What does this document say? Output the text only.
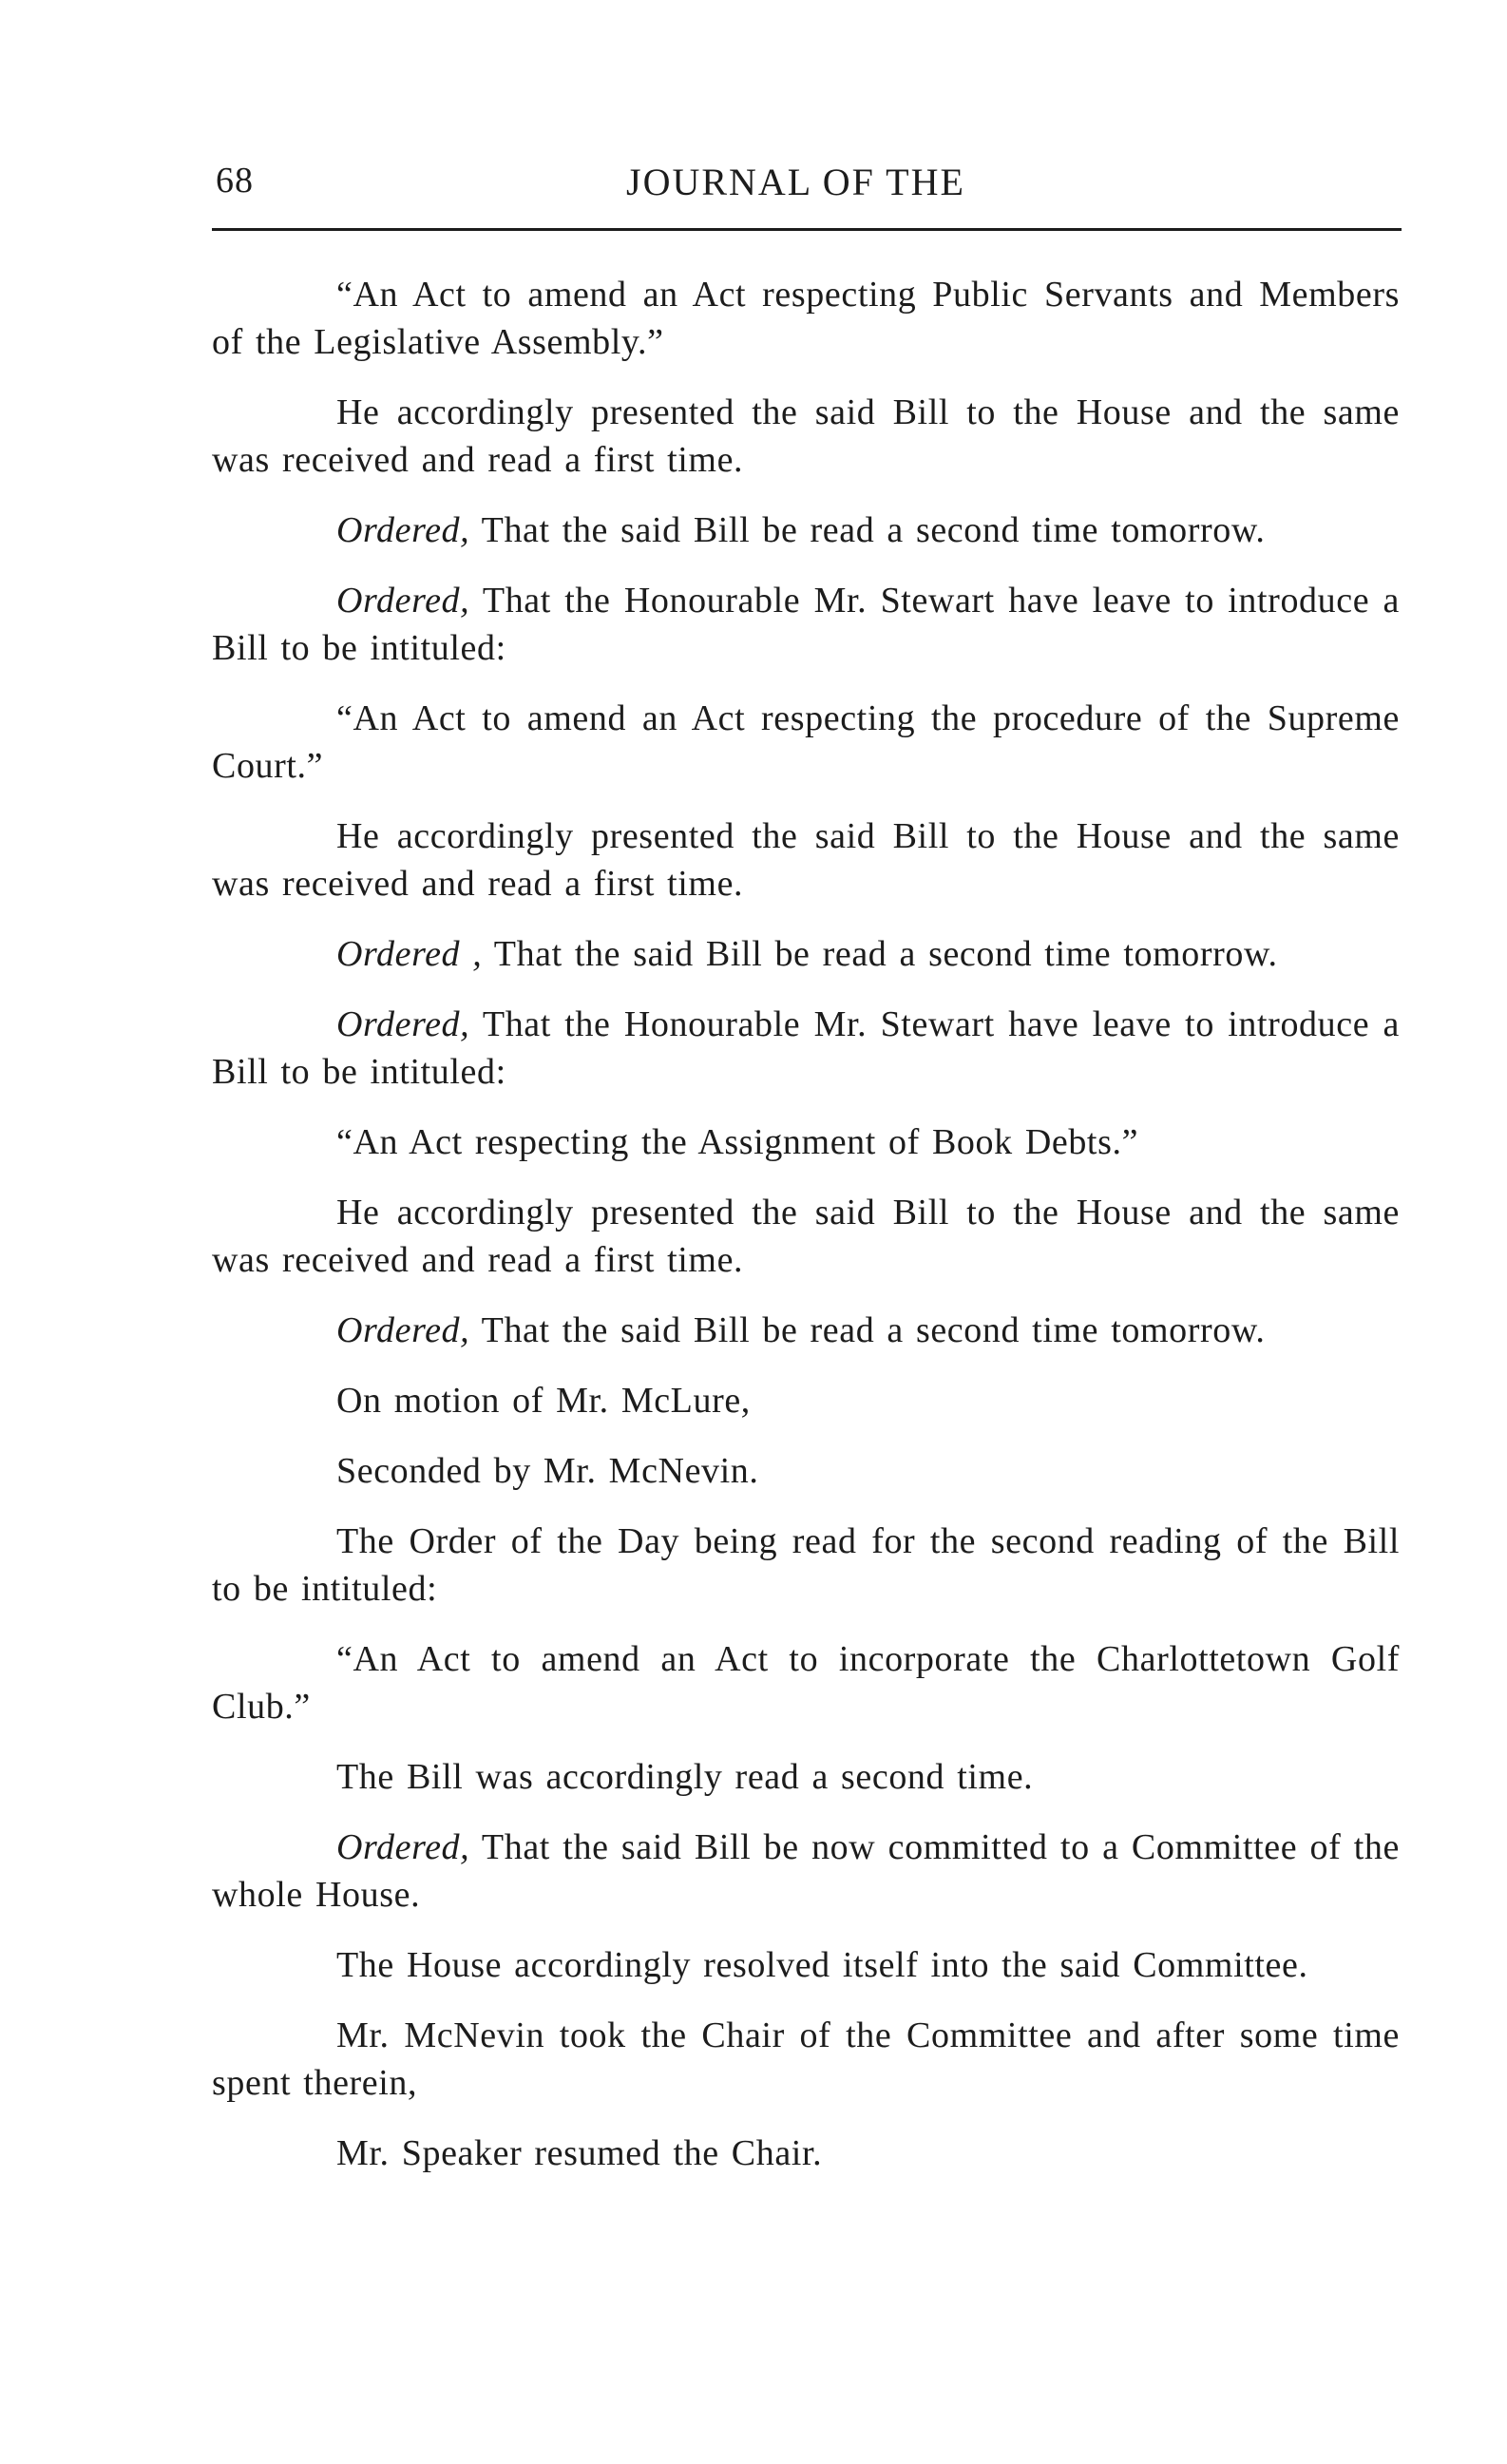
68	JOURNAL OF THE

“An Act to amend an Act respecting Public Servants and Members of the Legislative Assembly.”

He accordingly presented the said Bill to the House and the same was received and read a first time.

Ordered, That the said Bill be read a second time tomorrow.

Ordered, That the Honourable Mr. Stewart have leave to introduce a Bill to be intituled:

“An Act to amend an Act respecting the procedure of the Supreme Court.”

He accordingly presented the said Bill to the House and the same was received and read a first time.

Ordered , That the said Bill be read a second time tomorrow.

Ordered, That the Honourable Mr. Stewart have leave to introduce a Bill to be intituled:

“An Act respecting the Assignment of Book Debts.”

He accordingly presented the said Bill to the House and the same was received and read a first time.

Ordered, That the said Bill be read a second time tomorrow.

On motion of Mr. McLure,

Seconded by Mr. McNevin.

The Order of the Day being read for the second reading of the Bill to be intituled:

“An Act to amend an Act to incorporate the Charlottetown Golf Club.”

The Bill was accordingly read a second time.

Ordered, That the said Bill be now committed to a Committee of the whole House.

The House accordingly resolved itself into the said Committee.

Mr. McNevin took the Chair of the Committee and after some time spent therein,

Mr. Speaker resumed the Chair.
